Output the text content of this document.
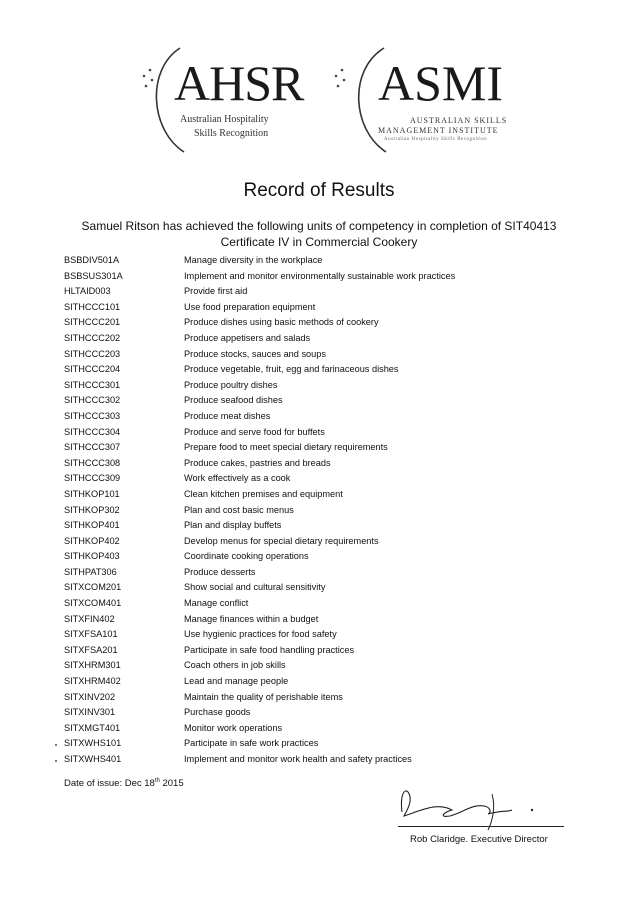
AHSR
Australian Hospitality
Skills Recognition
ASMI
AUSTRALIAN SKILLS
MANAGEMENT INSTITUTE
Australian Hospitality Skills Recognition
Record of Results
Samuel Ritson has achieved the following units of competency in completion of SIT40413
Certificate IV in Commercial Cookery
BSBDIV501A	Manage diversity in the workplace
BSBSUS301A	Implement and monitor environmentally sustainable work practices
HLTAID003	Provide first aid
SITHCCC101	Use food preparation equipment
SITHCCC201	Produce dishes using basic methods of cookery
SITHCCC202	Produce appetisers and salads
SITHCCC203	Produce stocks, sauces and soups
SITHCCC204	Produce vegetable, fruit, egg and farinaceous dishes
SITHCCC301	Produce poultry dishes
SITHCCC302	Produce seafood dishes
SITHCCC303	Produce meat dishes
SITHCCC304	Produce and serve food for buffets
SITHCCC307	Prepare food to meet special dietary requirements
SITHCCC308	Produce cakes, pastries and breads
SITHCCC309	Work effectively as a cook
SITHKOP101	Clean kitchen premises and equipment
SITHKOP302	Plan and cost basic menus
SITHKOP401	Plan and display buffets
SITHKOP402	Develop menus for special dietary requirements
SITHKOP403	Coordinate cooking operations
SITHPAT306	Produce desserts
SITXCOM201	Show social and cultural sensitivity
SITXCOM401	Manage conflict
SITXFIN402	Manage finances within a budget
SITXFSA101	Use hygienic practices for food safety
SITXFSA201	Participate in safe food handling practices
SITXHRM301	Coach others in job skills
SITXHRM402	Lead and manage people
SITXINV202	Maintain the quality of perishable items
SITXINV301	Purchase goods
SITXMGT401	Monitor work operations
SITXWHS101	Participate in safe work practices
SITXWHS401	Implement and monitor work health and safety practices
Date of issue: Dec 18th 2015
Rob Claridge. Executive Director
